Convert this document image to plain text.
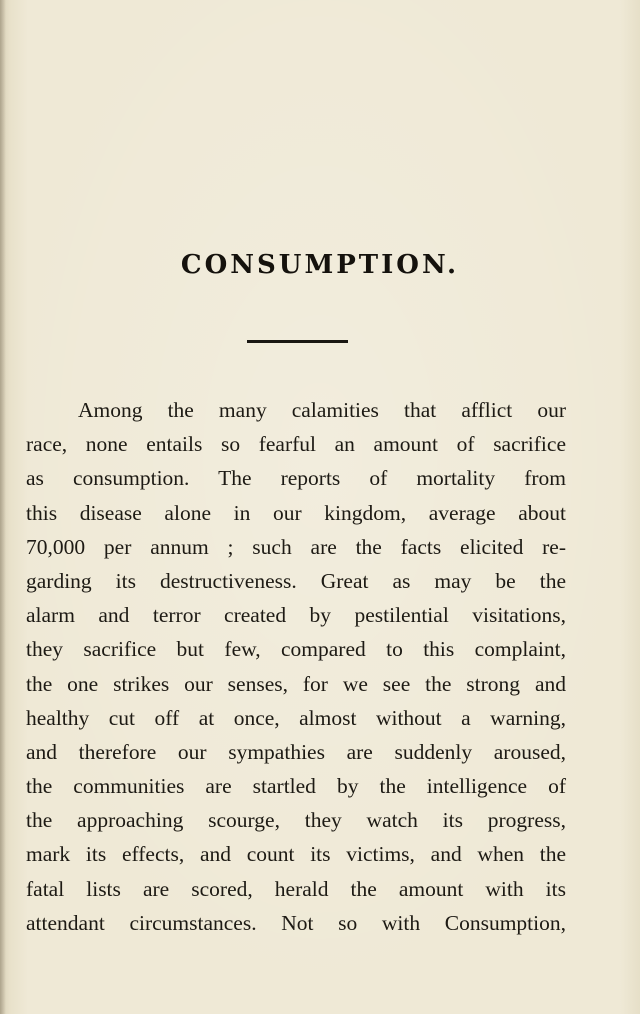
CONSUMPTION.
Among the many calamities that afflict our
race, none entails so fearful an amount of sacrifice
as consumption. The reports of mortality from
this disease alone in our kingdom, average about
70,000 per annum ; such are the facts elicited re-
garding its destructiveness. Great as may be the
alarm and terror created by pestilential visitations,
they sacrifice but few, compared to this complaint,
the one strikes our senses, for we see the strong and
healthy cut off at once, almost without a warning,
and therefore our sympathies are suddenly aroused,
the communities are startled by the intelligence of
the approaching scourge, they watch its progress,
mark its effects, and count its victims, and when the
fatal lists are scored, herald the amount with its
attendant circumstances. Not so with Consumption,
